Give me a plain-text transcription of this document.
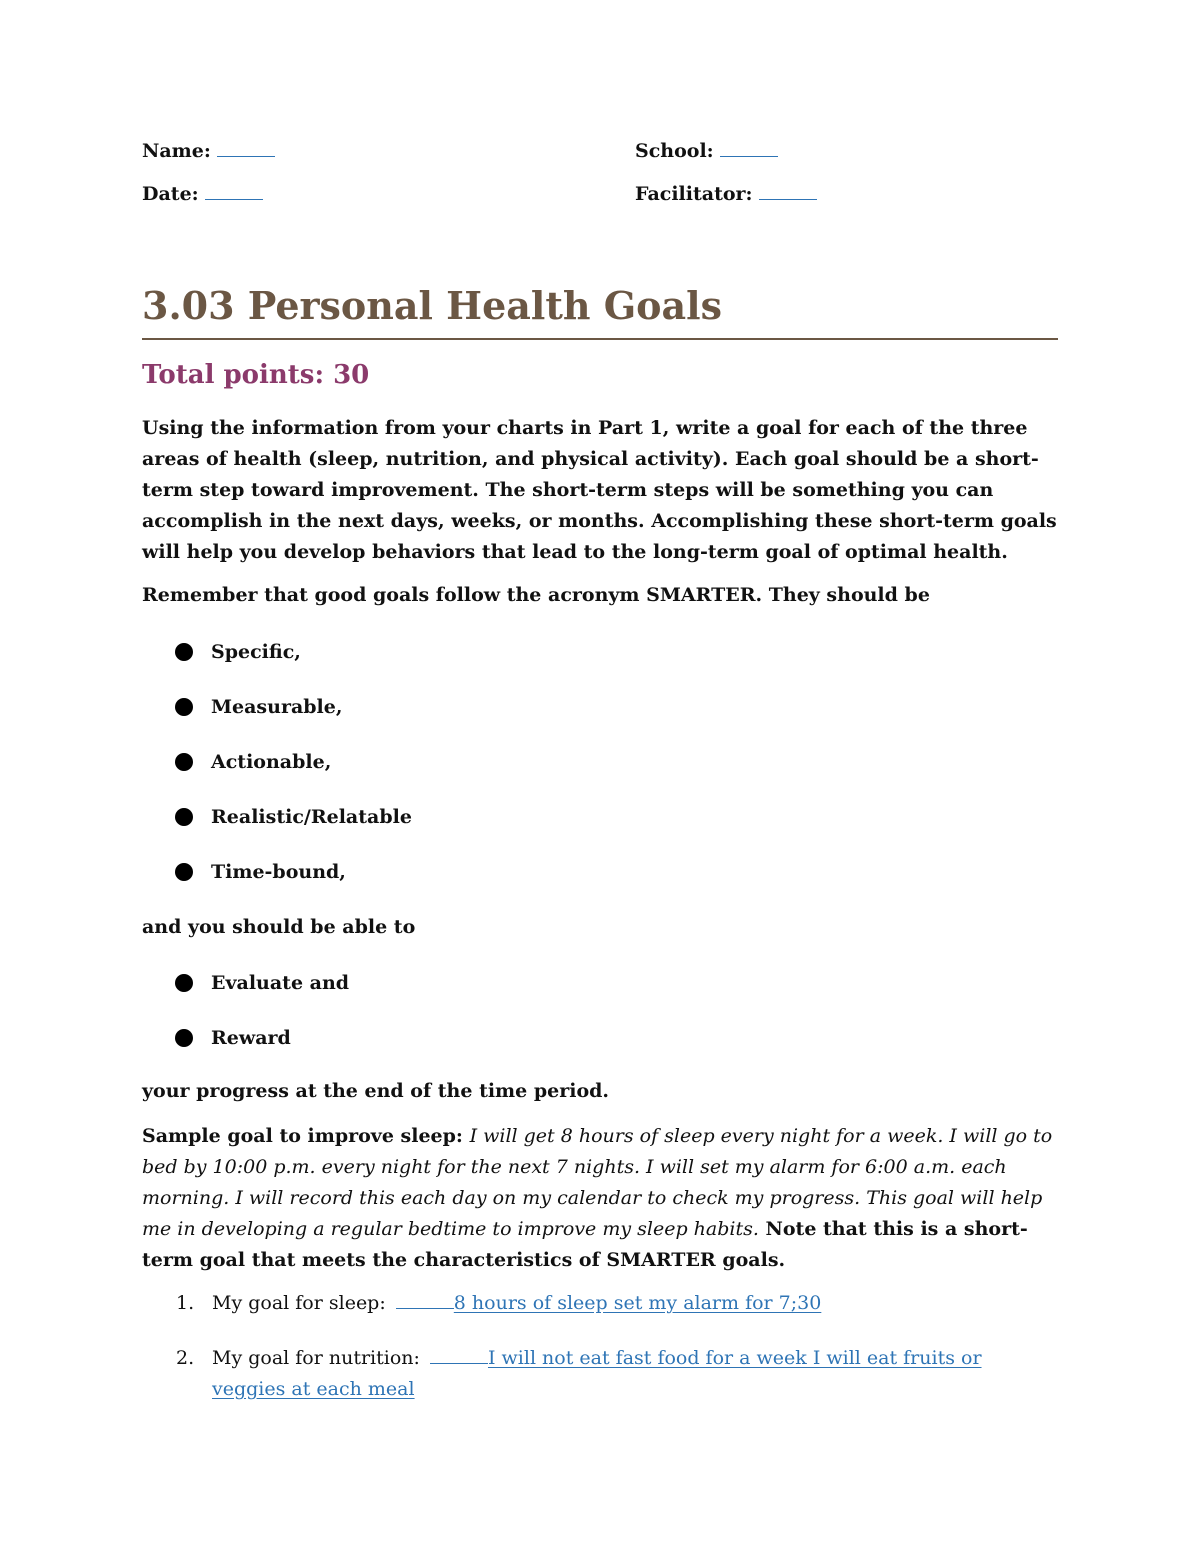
Name:	School:
Date:	Facilitator:
3.03 Personal Health Goals
Total points: 30

Using the information from your charts in Part 1, write a goal for each of the three areas of health (sleep, nutrition, and physical activity). Each goal should be a short-term step toward improvement. The short-term steps will be something you can accomplish in the next days, weeks, or months. Accomplishing these short-term goals will help you develop behaviors that lead to the long-term goal of optimal health.

Remember that good goals follow the acronym SMARTER. They should be

Specific,
Measurable,
Actionable,
Realistic/Relatable
Time-bound,

and you should be able to

Evaluate and
Reward

your progress at the end of the time period.

Sample goal to improve sleep: I will get 8 hours of sleep every night for a week. I will go to bed by 10:00 p.m. every night for the next 7 nights. I will set my alarm for 6:00 a.m. each morning. I will record this each day on my calendar to check my progress. This goal will help me in developing a regular bedtime to improve my sleep habits. Note that this is a short-term goal that meets the characteristics of SMARTER goals.

1. My goal for sleep:	8 hours of sleep set my alarm for 7;30
2. My goal for nutrition:	I will not eat fast food for a week I will eat fruits or veggies at each meal
